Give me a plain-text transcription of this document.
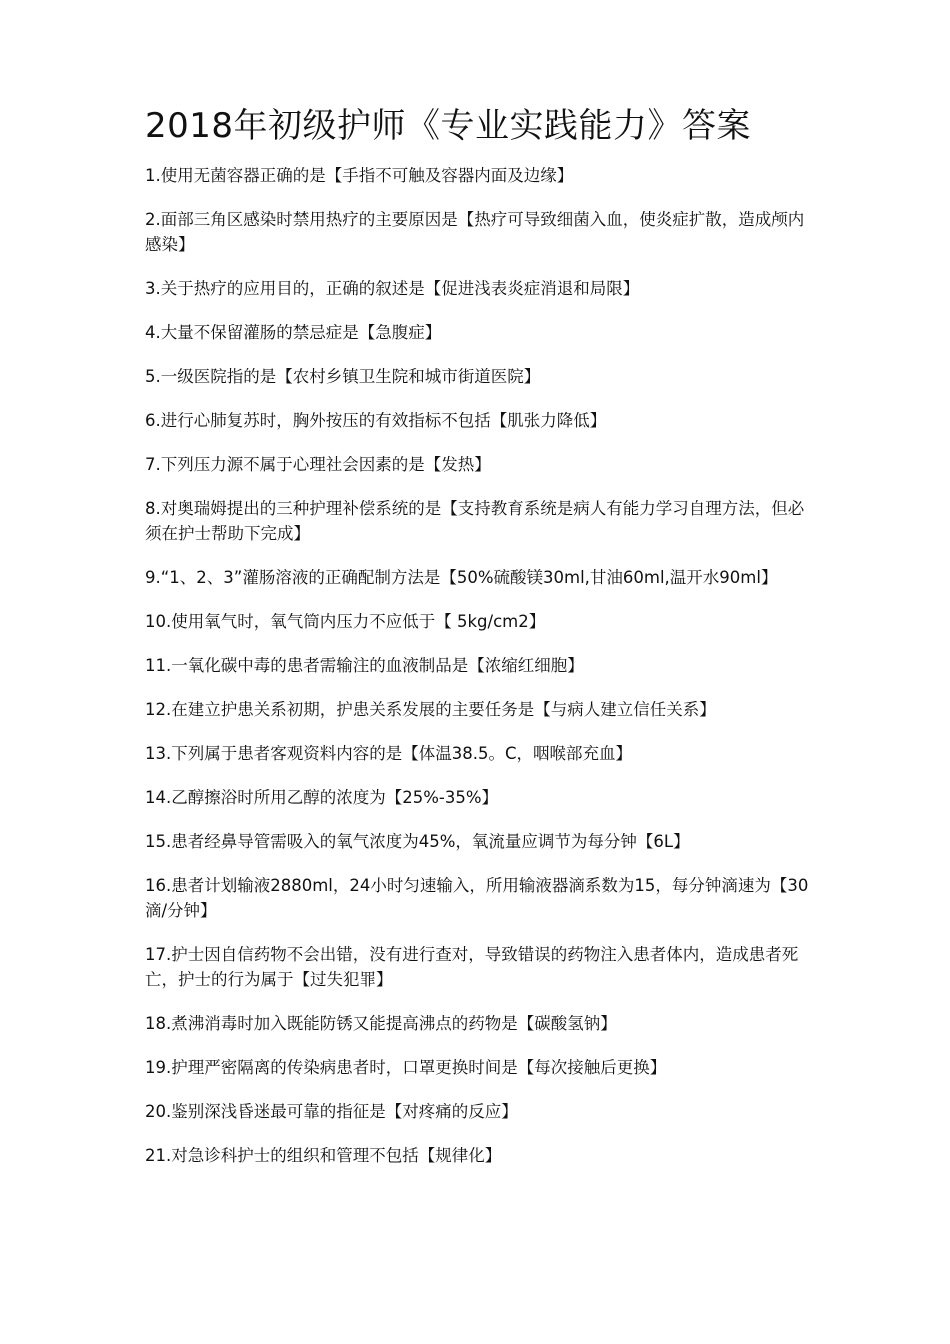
2018年初级护师《专业实践能力》答案
1.使用无菌容器正确的是【手指不可触及容器内面及边缘】
2.面部三角区感染时禁用热疗的主要原因是【热疗可导致细菌入血，使炎症扩散，造成颅内感染】
3.关于热疗的应用目的，正确的叙述是【促进浅表炎症消退和局限】
4.大量不保留灌肠的禁忌症是【急腹症】
5.一级医院指的是【农村乡镇卫生院和城市街道医院】
6.进行心肺复苏时，胸外按压的有效指标不包括【肌张力降低】
7.下列压力源不属于心理社会因素的是【发热】
8.对奥瑞姆提出的三种护理补偿系统的是【支持教育系统是病人有能力学习自理方法，但必须在护士帮助下完成】
9.“1、2、3”灌肠溶液的正确配制方法是【50%硫酸镁30ml,甘油60ml,温开水90ml】
10.使用氧气时，氧气筒内压力不应低于【 5kg/cm2】
11.一氧化碳中毒的患者需输注的血液制品是【浓缩红细胞】
12.在建立护患关系初期，护患关系发展的主要任务是【与病人建立信任关系】
13.下列属于患者客观资料内容的是【体温38.5。C，咽喉部充血】
14.乙醇擦浴时所用乙醇的浓度为【25%-35%】
15.患者经鼻导管需吸入的氧气浓度为45%，氧流量应调节为每分钟【6L】
16.患者计划输液2880ml，24小时匀速输入，所用输液器滴系数为15，每分钟滴速为【30滴/分钟】
17.护士因自信药物不会出错，没有进行查对，导致错误的药物注入患者体内，造成患者死亡，护士的行为属于【过失犯罪】
18.煮沸消毒时加入既能防锈又能提高沸点的药物是【碳酸氢钠】
19.护理严密隔离的传染病患者时，口罩更换时间是【每次接触后更换】
20.鉴别深浅昏迷最可靠的指征是【对疼痛的反应】
21.对急诊科护士的组织和管理不包括【规律化】
